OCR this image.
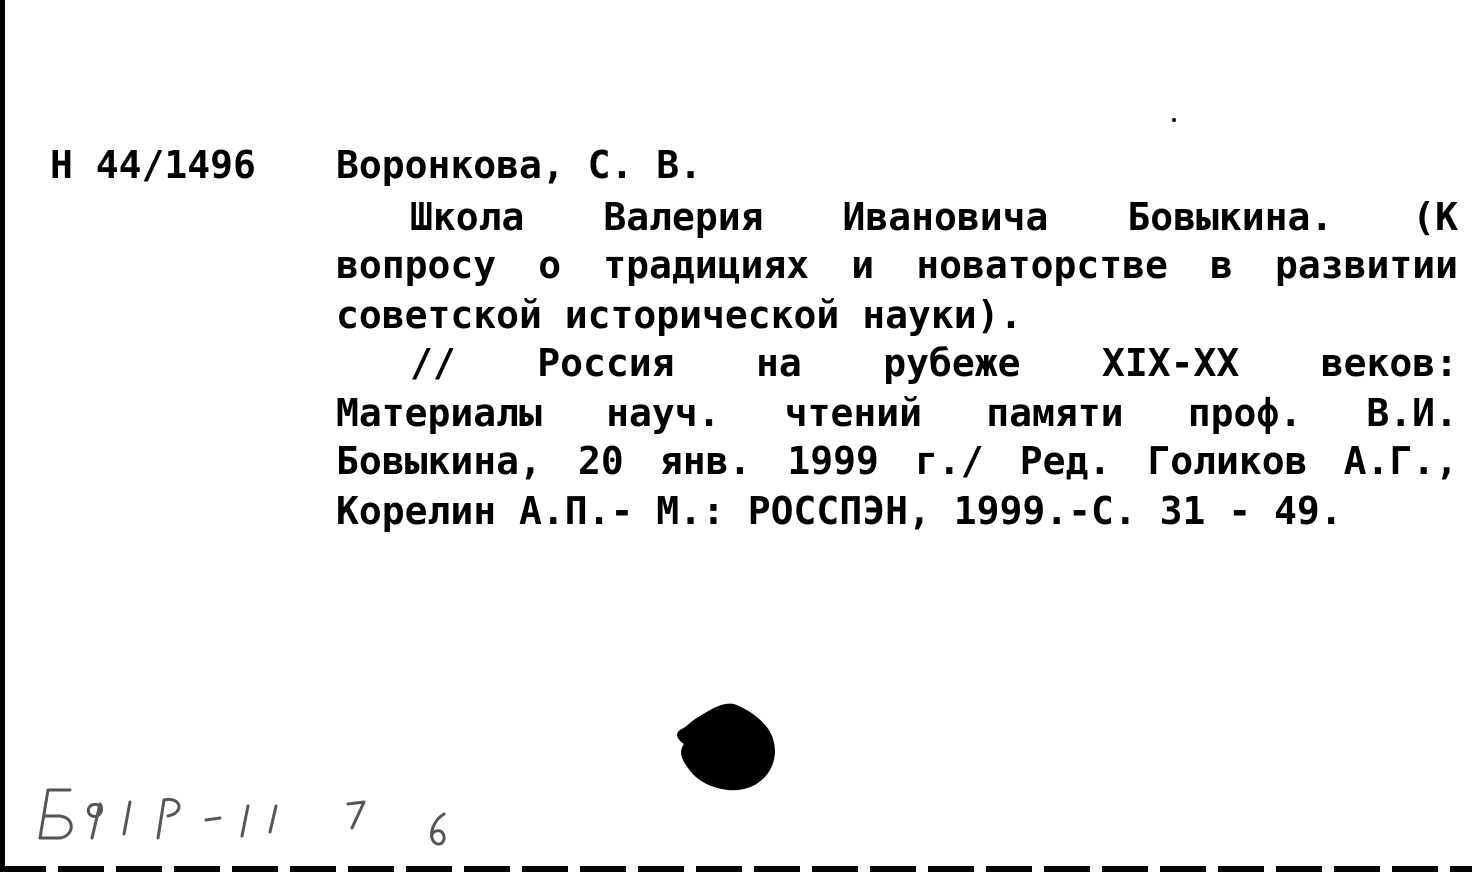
Н 44/1496 Воронкова, С. В.
Школа Валерия Ивановича Бовыкина. (К
вопросу о традициях и новаторстве в развитии
советской исторической науки).
// Россия на рубеже XIX-XX веков:
Материалы науч. чтений памяти проф. В.И.
Бовыкина, 20 янв. 1999 г./ Ред. Голиков А.Г.,
Корелин А.П.- М.: РОССПЭН, 1999.-С. 31 - 49.
